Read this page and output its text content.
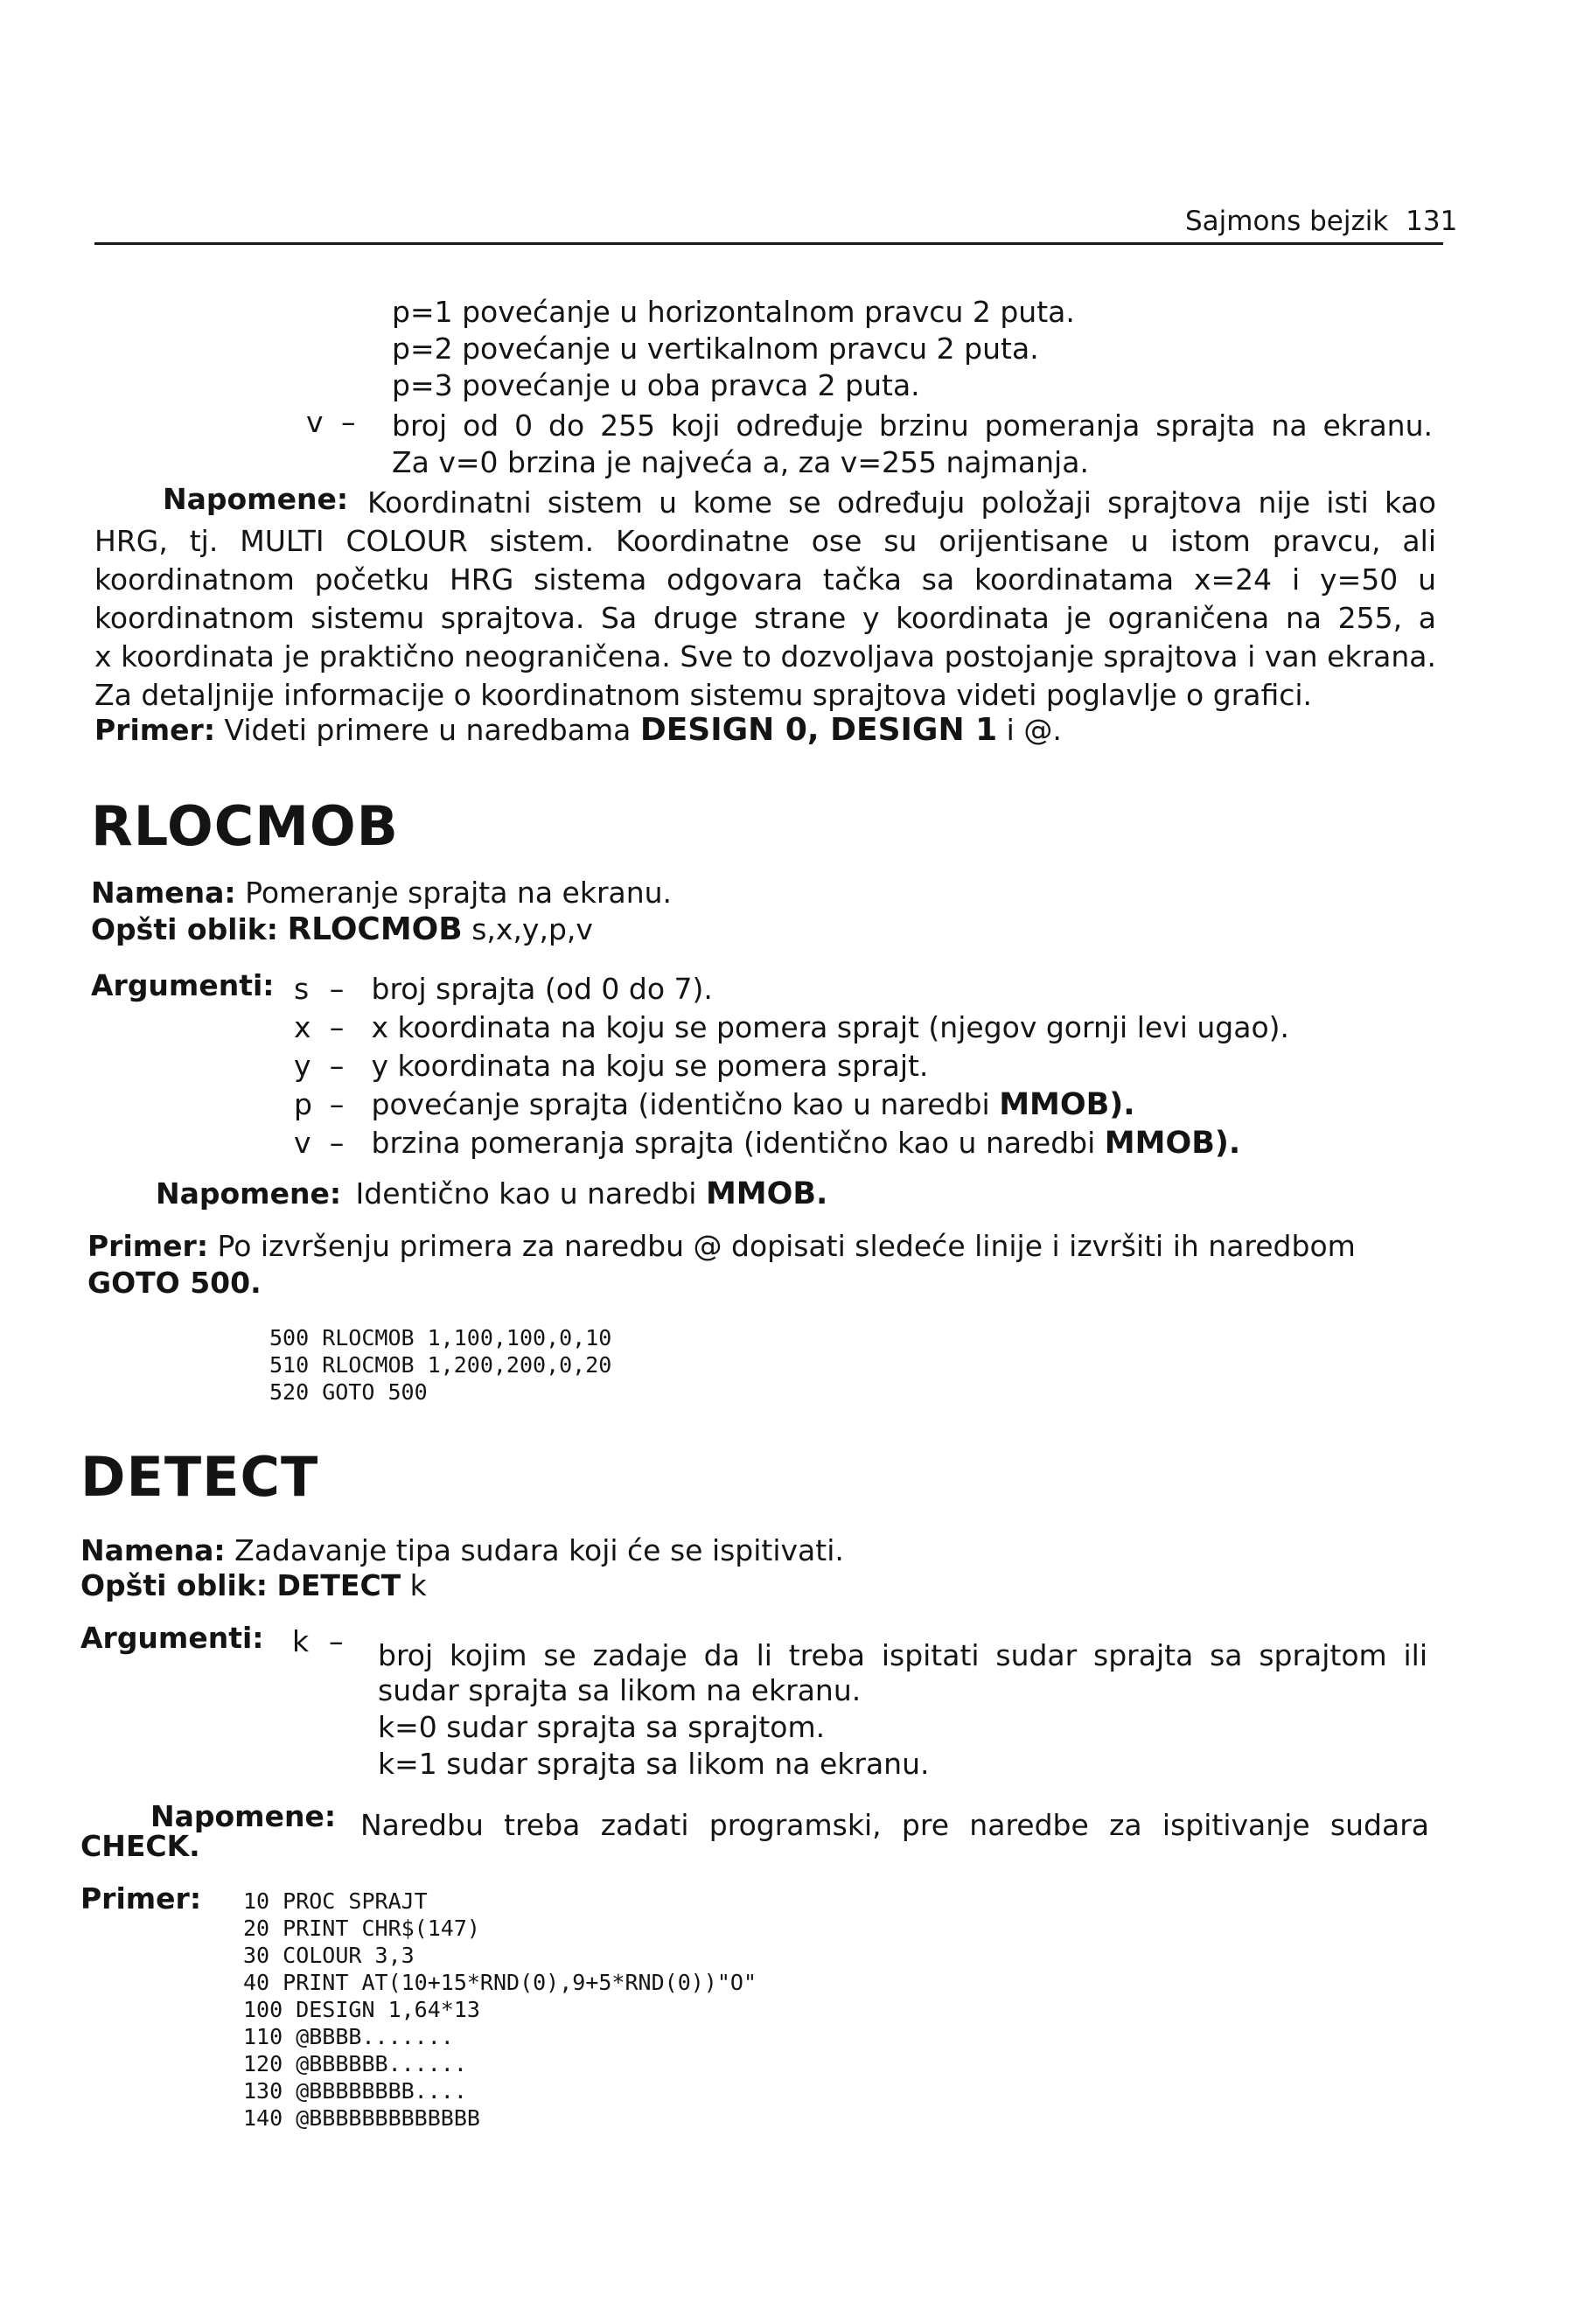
Sajmons bejzik 131
p=1 povećanje u horizontalnom pravcu 2 puta.
p=2 povećanje u vertikalnom pravcu 2 puta.
p=3 povećanje u oba pravca 2 puta.
v – broj od 0 do 255 koji određuje brzinu pomeranja sprajta na ekranu.
Za v=0 brzina je najveća a, za v=255 najmanja.
Napomene: Koordinatni sistem u kome se određuju položaji sprajtova nije isti kao
HRG, tj. MULTI COLOUR sistem. Koordinatne ose su orijentisane u istom pravcu, ali
koordinatnom početku HRG sistema odgovara tačka sa koordinatama x=24 i y=50 u
koordinatnom sistemu sprajtova. Sa druge strane y koordinata je ograničena na 255, a
x koordinata je praktično neograničena. Sve to dozvoljava postojanje sprajtova i van ekrana.
Za detaljnije informacije o koordinatnom sistemu sprajtova videti poglavlje o grafici.
Primer: Videti primere u naredbama DESIGN 0, DESIGN 1 i @.
RLOCMOB
Namena: Pomeranje sprajta na ekranu.
Opšti oblik: RLOCMOB s,x,y,p,v
Argumenti: s – broj sprajta (od 0 do 7).
x – x koordinata na koju se pomera sprajt (njegov gornji levi ugao).
y – y koordinata na koju se pomera sprajt.
p – povećanje sprajta (identično kao u naredbi MMOB).
v – brzina pomeranja sprajta (identično kao u naredbi MMOB).
Napomene: Identično kao u naredbi MMOB.
Primer: Po izvršenju primera za naredbu @ dopisati sledeće linije i izvršiti ih naredbom
GOTO 500.
500 RLOCMOB 1,100,100,0,10
510 RLOCMOB 1,200,200,0,20
520 GOTO 500
DETECT
Namena: Zadavanje tipa sudara koji će se ispitivati.
Opšti oblik: DETECT k
Argumenti: k – broj kojim se zadaje da li treba ispitati sudar sprajta sa sprajtom ili
sudar sprajta sa likom na ekranu.
k=0 sudar sprajta sa sprajtom.
k=1 sudar sprajta sa likom na ekranu.
Napomene: Naredbu treba zadati programski, pre naredbe za ispitivanje sudara
CHECK.
Primer: 10 PROC SPRAJT
20 PRINT CHR$(147)
30 COLOUR 3,3
40 PRINT AT(10+15*RND(0),9+5*RND(0))"O"
100 DESIGN 1,64*13
110 @BBBB.......
120 @BBBBBB......
130 @BBBBBBBB....
140 @BBBBBBBBBBBBB
